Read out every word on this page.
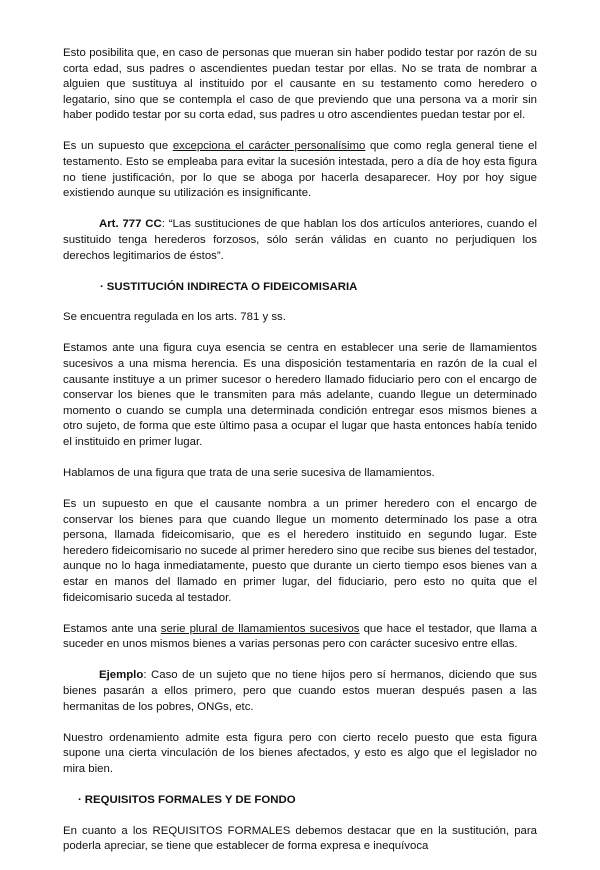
Esto posibilita que, en caso de personas que mueran sin haber podido testar por razón de su corta edad, sus padres o ascendientes puedan testar por ellas. No se trata de nombrar a alguien que sustituya al instituido por el causante en su testamento como heredero o legatario, sino que se contempla el caso de que previendo que una persona va a morir sin haber podido testar por su corta edad, sus padres u otro ascendientes puedan testar por el.

Es un supuesto que excepciona el carácter personalísimo que como regla general tiene el testamento. Esto se empleaba para evitar la sucesión intestada, pero a día de hoy esta figura no tiene justificación, por lo que se aboga por hacerla desaparecer. Hoy por hoy sigue existiendo aunque su utilización es insignificante.

Art. 777 CC: “Las sustituciones de que hablan los dos artículos anteriores, cuando el sustituido tenga herederos forzosos, sólo serán válidas en cuanto no perjudiquen los derechos legitimarios de éstos”.

· SUSTITUCIÓN INDIRECTA O FIDEICOMISARIA

Se encuentra regulada en los arts. 781 y ss.

Estamos ante una figura cuya esencia se centra en establecer una serie de llamamientos sucesivos a una misma herencia. Es una disposición testamentaria en razón de la cual el causante instituye a un primer sucesor o heredero llamado fiduciario pero con el encargo de conservar los bienes que le transmiten para más adelante, cuando llegue un determinado momento o cuando se cumpla una determinada condición entregar esos mismos bienes a otro sujeto, de forma que este último pasa a ocupar el lugar que hasta entonces había tenido el instituido en primer lugar.

Hablamos de una figura que trata de una serie sucesiva de llamamientos.

Es un supuesto en que el causante nombra a un primer heredero con el encargo de conservar los bienes para que cuando llegue un momento determinado los pase a otra persona, llamada fideicomisario, que es el heredero instituido en segundo lugar. Este heredero fideicomisario no sucede al primer heredero sino que recibe sus bienes del testador, aunque no lo haga inmediatamente, puesto que durante un cierto tiempo esos bienes van a estar en manos del llamado en primer lugar, del fiduciario, pero esto no quita que el fideicomisario suceda al testador.

Estamos ante una serie plural de llamamientos sucesivos que hace el testador, que llama a suceder en unos mismos bienes a varias personas pero con carácter sucesivo entre ellas.

Ejemplo: Caso de un sujeto que no tiene hijos pero sí hermanos, diciendo que sus bienes pasarán a ellos primero, pero que cuando estos mueran después pasen a las hermanitas de los pobres, ONGs, etc.

Nuestro ordenamiento admite esta figura pero con cierto recelo puesto que esta figura supone una cierta vinculación de los bienes afectados, y esto es algo que el legislador no mira bien.

· REQUISITOS FORMALES Y DE FONDO

En cuanto a los REQUISITOS FORMALES debemos destacar que en la sustitución, para poderla apreciar, se tiene que establecer de forma expresa e inequívoca
